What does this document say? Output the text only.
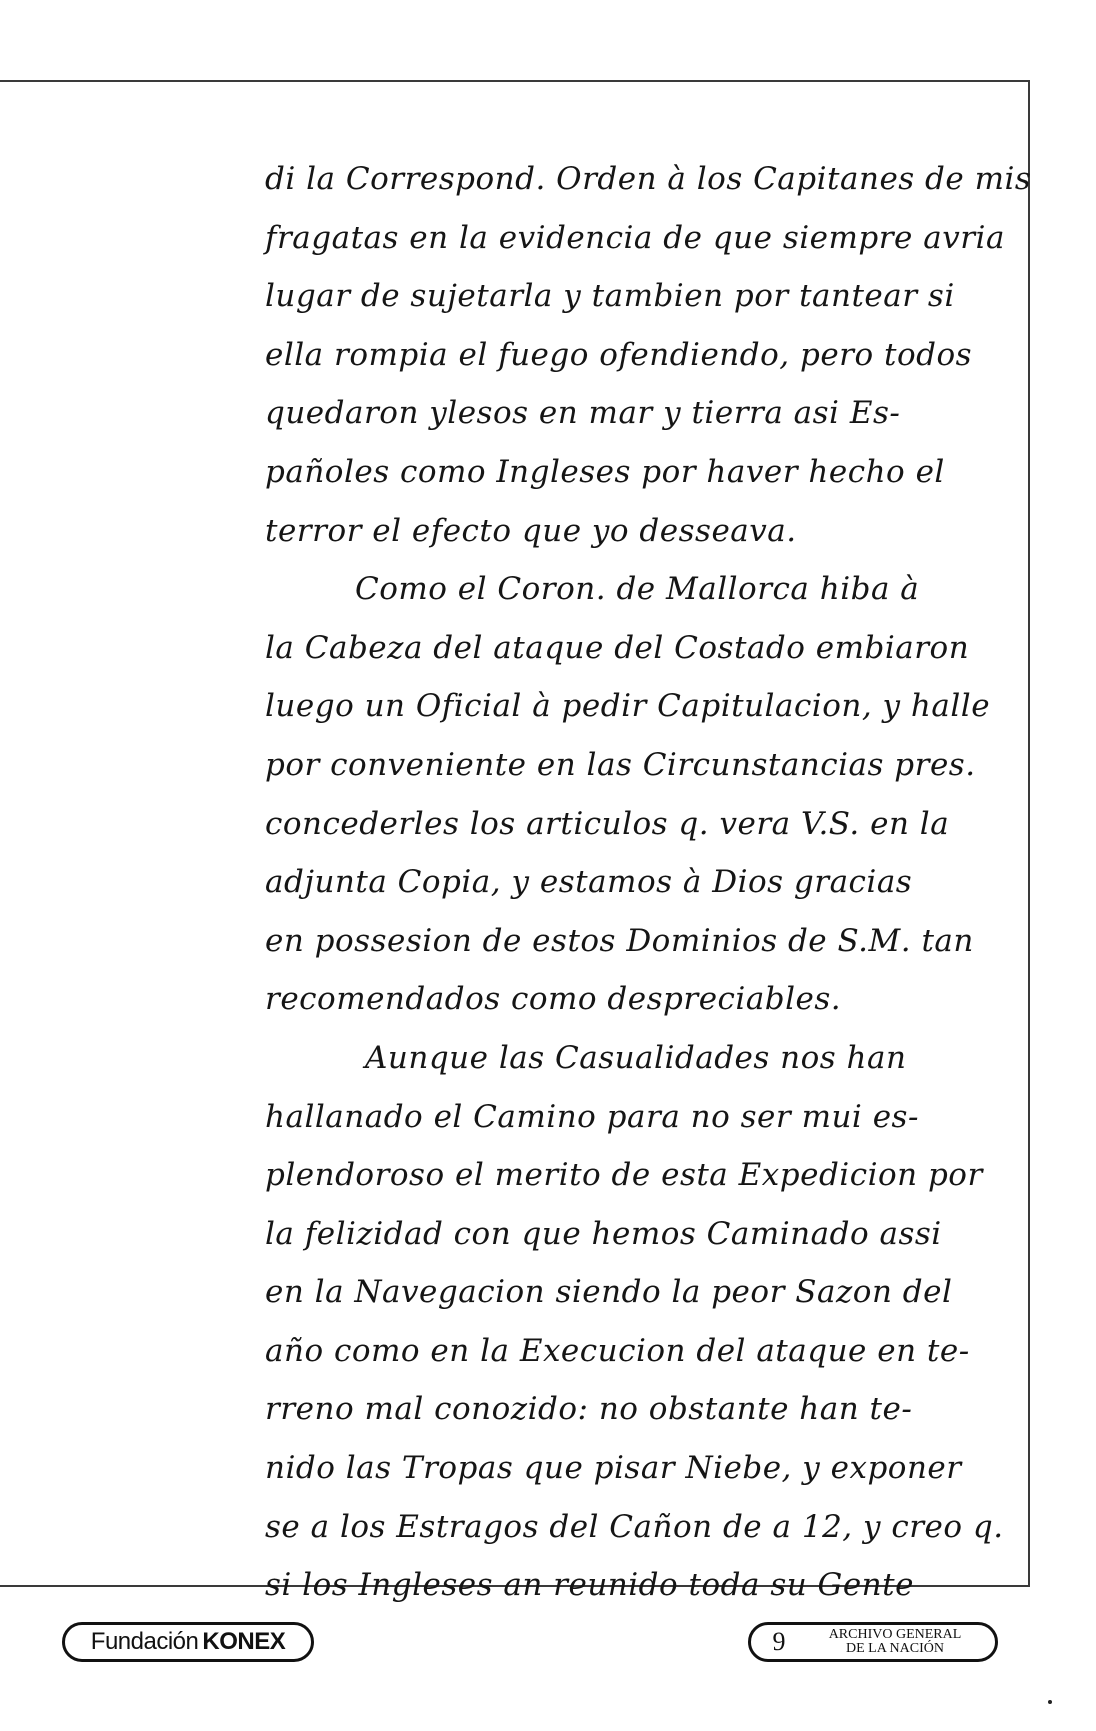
di la Correspond. Orden à los Capitanes de mis
fragatas en la evidencia de que siempre avria
lugar de sujetarla y tambien por tantear si
ella rompia el fuego ofendiendo, pero todos
quedaron ylesos en mar y tierra asi Es-
pañoles como Ingleses por haver hecho el
terror el efecto que yo desseava.
Como el Coron. de Mallorca hiba à
la Cabeza del ataque del Costado embiaron
luego un Oficial à pedir Capitulacion, y halle
por conveniente en las Circunstancias pres.
concederles los articulos q. vera V.S. en la
adjunta Copia, y estamos à Dios gracias
en possesion de estos Dominios de S.M. tan
recomendados como despreciables.
Aunque las Casualidades nos han
hallanado el Camino para no ser mui es-
plendoroso el merito de esta Expedicion por
la felizidad con que hemos Caminado assi
en la Navegacion siendo la peor Sazon del
año como en la Execucion del ataque en te-
rreno mal conozido: no obstante han te-
nido las Tropas que pisar Niebe, y exponer
se a los Estragos del Cañon de a 12, y creo q.
si los Ingleses an reunido toda su Gente
Fundación KONEX	9	ARCHIVO GENERAL
DE LA NACIÓN
